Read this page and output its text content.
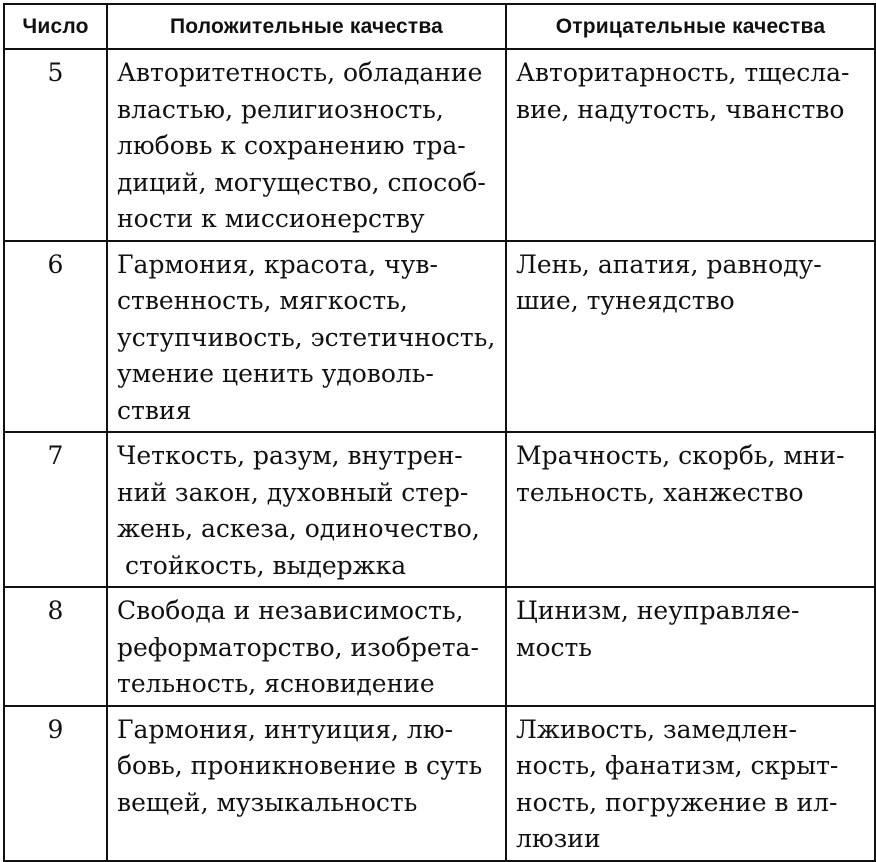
Число	Положительные качества	Отрицательные качества
5	Авторитетность, обладание
властью, религиозность,
любовь к сохранению тра-
диций, могущество, способ-
ности к миссионерству	Авторитарность, тщесла-
вие, надутость, чванство

6	Гармония, красота, чув-
ственность, мягкость,
уступчивость, эстетичность,
умение ценить удоволь-
ствия	Лень, апатия, равноду-
шие, тунеядство

7	Четкость, разум, внутрен-
ний закон, духовный стер-
жень, аскеза, одиночество,
стойкость, выдержка	Мрачность, скорбь, мни-
тельность, ханжество

8	Свобода и независимость,
реформаторство, изобрета-
тельность, ясновидение	Цинизм, неуправляе-
мость

9	Гармония, интуиция, лю-
бовь, проникновение в суть
вещей, музыкальность	Лживость, замедлен-
ность, фанатизм, скрыт-
ность, погружение в ил-
люзии
